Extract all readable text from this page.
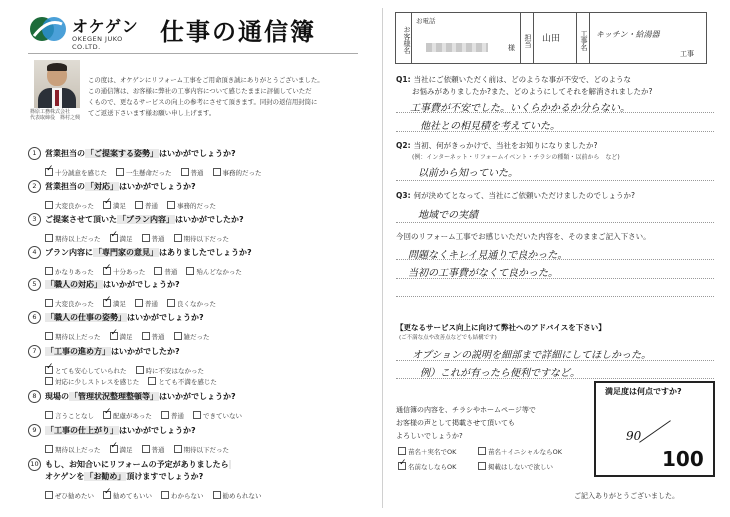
オケゲン
OKEGEN JUKO CO.LTD.
仕事の通信簿
篠原工務株式会社
代表取締役　篠村之興
この度は、オケゲンにリフォーム工事をご用命頂き誠にありがとうございました。
この通信簿は、お客様に弊社の工事内容について感じたままに評価していただ
くもので、更なるサービスの向上の参考にさせて頂きます。同封の返信用封筒に
てご返送下さいます様お願い申し上げます。
1	営業担当の「ご提案する姿勢」はいかがでしょうか?
✓十分誠意を感じた	一生懸命だった	普通	事務的だった
2	営業担当の「対応」はいかがでしょうか?
大変良かった ✓	満足	普通	事務的だった
3	ご提案させて頂いた「プラン内容」はいかがでしたか?
期待以上だった ✓	満足	普通	期待以下だった
4	プラン内容に「専門家の意見」はありましたでしょうか?
かなりあった ✓	十分あった	普通	殆んどなかった
5	「職人の対応」はいかがでしょうか?
大変良かった ✓	満足	普通	良くなかった
6	「職人の仕事の姿勢」はいかがでしょうか?
期待以上だった ✓	満足	普通	雑だった
7	「工事の進め方」はいかがでしたか?
✓とても安心していられた	時に不安はなかった
対応に少しストレスを感じた	とても不満を感じた
8	現場の「管理状況整理整頓等」はいかがでしょうか?
言うことなし ✓	配慮があった	普通	できていない
9	「工事の仕上がり」はいかがでしょうか?
期待以上だった ✓	満足	普通	期待以下だった
10 もし、お知合いにリフォームの予定がありましたら
オケゲンを「お勧め」頂けますでしょうか?
ぜひ勧めたい ✓	勧めてもいい	わからない	勧められない
お客様名
お電話
様	担当 山田	工事名 キッチン・給湯器
工事
Q1: 当社にご依頼いただく前は、どのような事が不安で、どのような
お悩みがありましたか?また、どのようにしてそれを解消されましたか?
工事費が不安でした。いくらかかるか分らない。
他社との相見積を考えていた。
Q2: 当初、何がきっかけで、当社をお知りになりましたか?
(例：インターネット・リフォームイベント・チラシの種類・以前から　など)
以前から知っていた。
Q3: 何が決めてとなって、当社にご依頼いただけましたのでしょうか?
地域での実績
今回のリフォーム工事でお感じいただいた内容を、そのままご記入下さい。
問題なくキレイ見通りで良かった。
当初の工事費がなくて良かった。
【更なるサービス向上に向けて弊社へのアドバイスを下さい】
(ご不満な点や改善点などでも結構です)
オプションの説明を細部まで詳細にしてほしかった。
例）これが有ったら便利ですなど。
通信簿の内容を、チラシやホームページ等で
お客様の声として掲載させて頂いても
よろしいでしょうか?
苗名＋実名でOK	苗名＋イニシャルならOK
✓名前なしならOK	掲載はしないで欲しい
満足度は何点ですか?
90
100
ご記入ありがとうございました。
